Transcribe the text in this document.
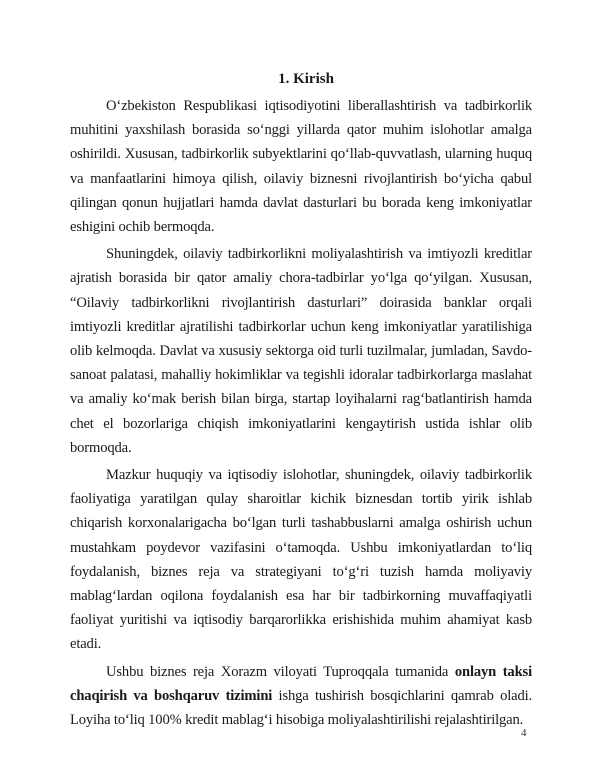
1. Kirish

O‘zbekiston Respublikasi iqtisodiyotini liberallashtirish va tadbirkorlik muhitini yaxshilash borasida so‘nggi yillarda qator muhim islohotlar amalga oshirildi. Xususan, tadbirkorlik subyektlarini qo‘llab-quvvatlash, ularning huquq va manfaatlarini himoya qilish, oilaviy biznesni rivojlantirish bo‘yicha qabul qilingan qonun hujjatlari hamda davlat dasturlari bu borada keng imkoniyatlar eshigini ochib bermoqda.

Shuningdek, oilaviy tadbirkorlikni moliyalashtirish va imtiyozli kreditlar ajratish borasida bir qator amaliy chora-tadbirlar yo‘lga qo‘yilgan. Xususan, “Oilaviy tadbirkorlikni rivojlantirish dasturlari” doirasida banklar orqali imtiyozli kreditlar ajratilishi tadbirkorlar uchun keng imkoniyatlar yaratilishiga olib kelmoqda. Davlat va xususiy sektorga oid turli tuzilmalar, jumladan, Savdo-sanoat palatasi, mahalliy hokimliklar va tegishli idoralar tadbirkorlarga maslahat va amaliy ko‘mak berish bilan birga, startap loyihalarni rag‘batlantirish hamda chet el bozorlariga chiqish imkoniyatlarini kengaytirish ustida ishlar olib bormoqda.

Mazkur huquqiy va iqtisodiy islohotlar, shuningdek, oilaviy tadbirkorlik faoliyatiga yaratilgan qulay sharoitlar kichik biznesdan tortib yirik ishlab chiqarish korxonalarigacha bo‘lgan turli tashabbuslarni amalga oshirish uchun mustahkam poydevor vazifasini o‘tamoqda. Ushbu imkoniyatlardan to‘liq foydalanish, biznes reja va strategiyani to‘g‘ri tuzish hamda moliyaviy mablag‘lardan oqilona foydalanish esa har bir tadbirkorning muvaffaqiyatli faoliyat yuritishi va iqtisodiy barqarorlikka erishishida muhim ahamiyat kasb etadi.

Ushbu biznes reja Xorazm viloyati Tuproqqala tumanida onlayn taksi chaqirish va boshqaruv tizimini ishga tushirish bosqichlarini qamrab oladi. Loyiha to‘liq 100% kredit mablag‘i hisobiga moliyalashtirilishi rejalashtirilgan.

4
